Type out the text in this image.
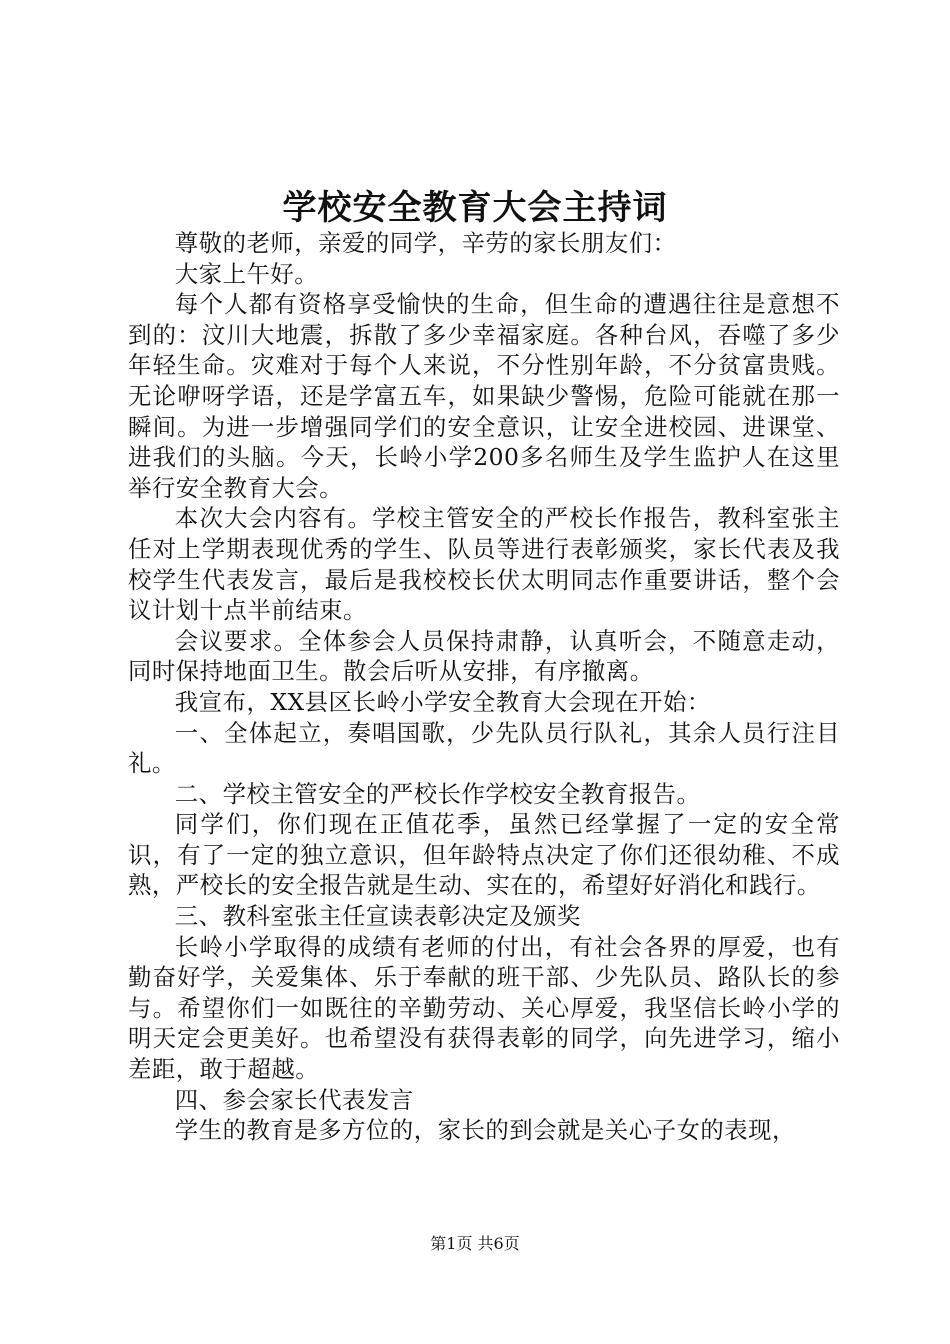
学校安全教育大会主持词

尊敬的老师，亲爱的同学，辛劳的家长朋友们：

大家上午好。

每个人都有资格享受愉快的生命，但生命的遭遇往往是意想不到的：汶川大地震，拆散了多少幸福家庭。各种台风，吞噬了多少年轻生命。灾难对于每个人来说，不分性别年龄，不分贫富贵贱。无论咿呀学语，还是学富五车，如果缺少警惕，危险可能就在那一瞬间。为进一步增强同学们的安全意识，让安全进校园、进课堂、进我们的头脑。今天，长岭小学200多名师生及学生监护人在这里举行安全教育大会。

本次大会内容有。学校主管安全的严校长作报告，教科室张主任对上学期表现优秀的学生、队员等进行表彰颁奖，家长代表及我校学生代表发言，最后是我校校长伏太明同志作重要讲话，整个会议计划十点半前结束。

会议要求。全体参会人员保持肃静，认真听会，不随意走动，同时保持地面卫生。散会后听从安排，有序撤离。

我宣布，XX县区长岭小学安全教育大会现在开始：

一、全体起立，奏唱国歌，少先队员行队礼，其余人员行注目礼。

二、学校主管安全的严校长作学校安全教育报告。

同学们，你们现在正值花季，虽然已经掌握了一定的安全常识，有了一定的独立意识，但年龄特点决定了你们还很幼稚、不成熟，严校长的安全报告就是生动、实在的，希望好好消化和践行。

三、教科室张主任宣读表彰决定及颁奖

长岭小学取得的成绩有老师的付出，有社会各界的厚爱，也有勤奋好学，关爱集体、乐于奉献的班干部、少先队员、路队长的参与。希望你们一如既往的辛勤劳动、关心厚爱，我坚信长岭小学的明天定会更美好。也希望没有获得表彰的同学，向先进学习，缩小差距，敢于超越。

四、参会家长代表发言

学生的教育是多方位的，家长的到会就是关心子女的表现，

第1页 共6页
